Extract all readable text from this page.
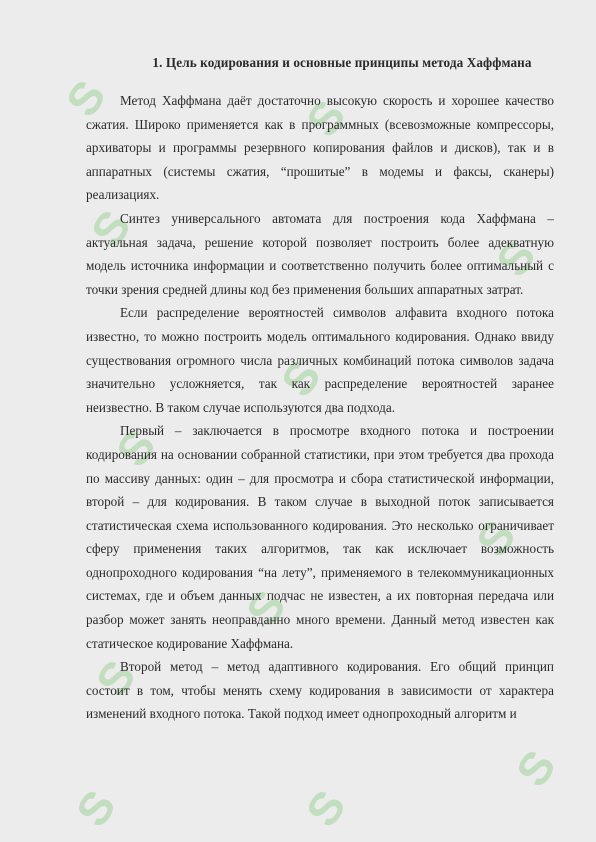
S
S
S
S
S
S
S
S
S
S
S
S
1. Цель кодирования и основные принципы метода Хаффмана

Метод Хаффмана даёт достаточно высокую скорость и хорошее качество сжатия. Широко применяется как в программных (всевозможные компрессоры, архиваторы и программы резервного копирования файлов и дисков), так и в аппаратных (системы сжатия, “прошитые” в модемы и факсы, сканеры) реализациях.

Синтез универсального автомата для построения кода Хаффмана – актуальная задача, решение которой позволяет построить более адекватную модель источника информации и соответственно получить более оптимальный с точки зрения средней длины код без применения больших аппаратных затрат.

Если распределение вероятностей символов алфавита входного потока известно, то можно построить модель оптимального кодирования. Однако ввиду существования огромного числа различных комбинаций потока символов задача значительно усложняется, так как распределение вероятностей заранее неизвестно. В таком случае используются два подхода.

Первый – заключается в просмотре входного потока и построении кодирования на основании собранной статистики, при этом требуется два прохода по массиву данных: один – для просмотра и сбора статистической информации, второй – для кодирования. В таком случае в выходной поток записывается статистическая схема использованного кодирования. Это несколько ограничивает сферу применения таких алгоритмов, так как исключает возможность однопроходного кодирования “на лету”, применяемого в телекоммуникационных системах, где и объем данных подчас не известен, а их повторная передача или разбор может занять неоправданно много времени. Данный метод известен как статическое кодирование Хаффмана.

Второй метод – метод адаптивного кодирования. Его общий принцип состоит в том, чтобы менять схему кодирования в зависимости от характера изменений входного потока. Такой подход имеет однопроходный алгоритм и
